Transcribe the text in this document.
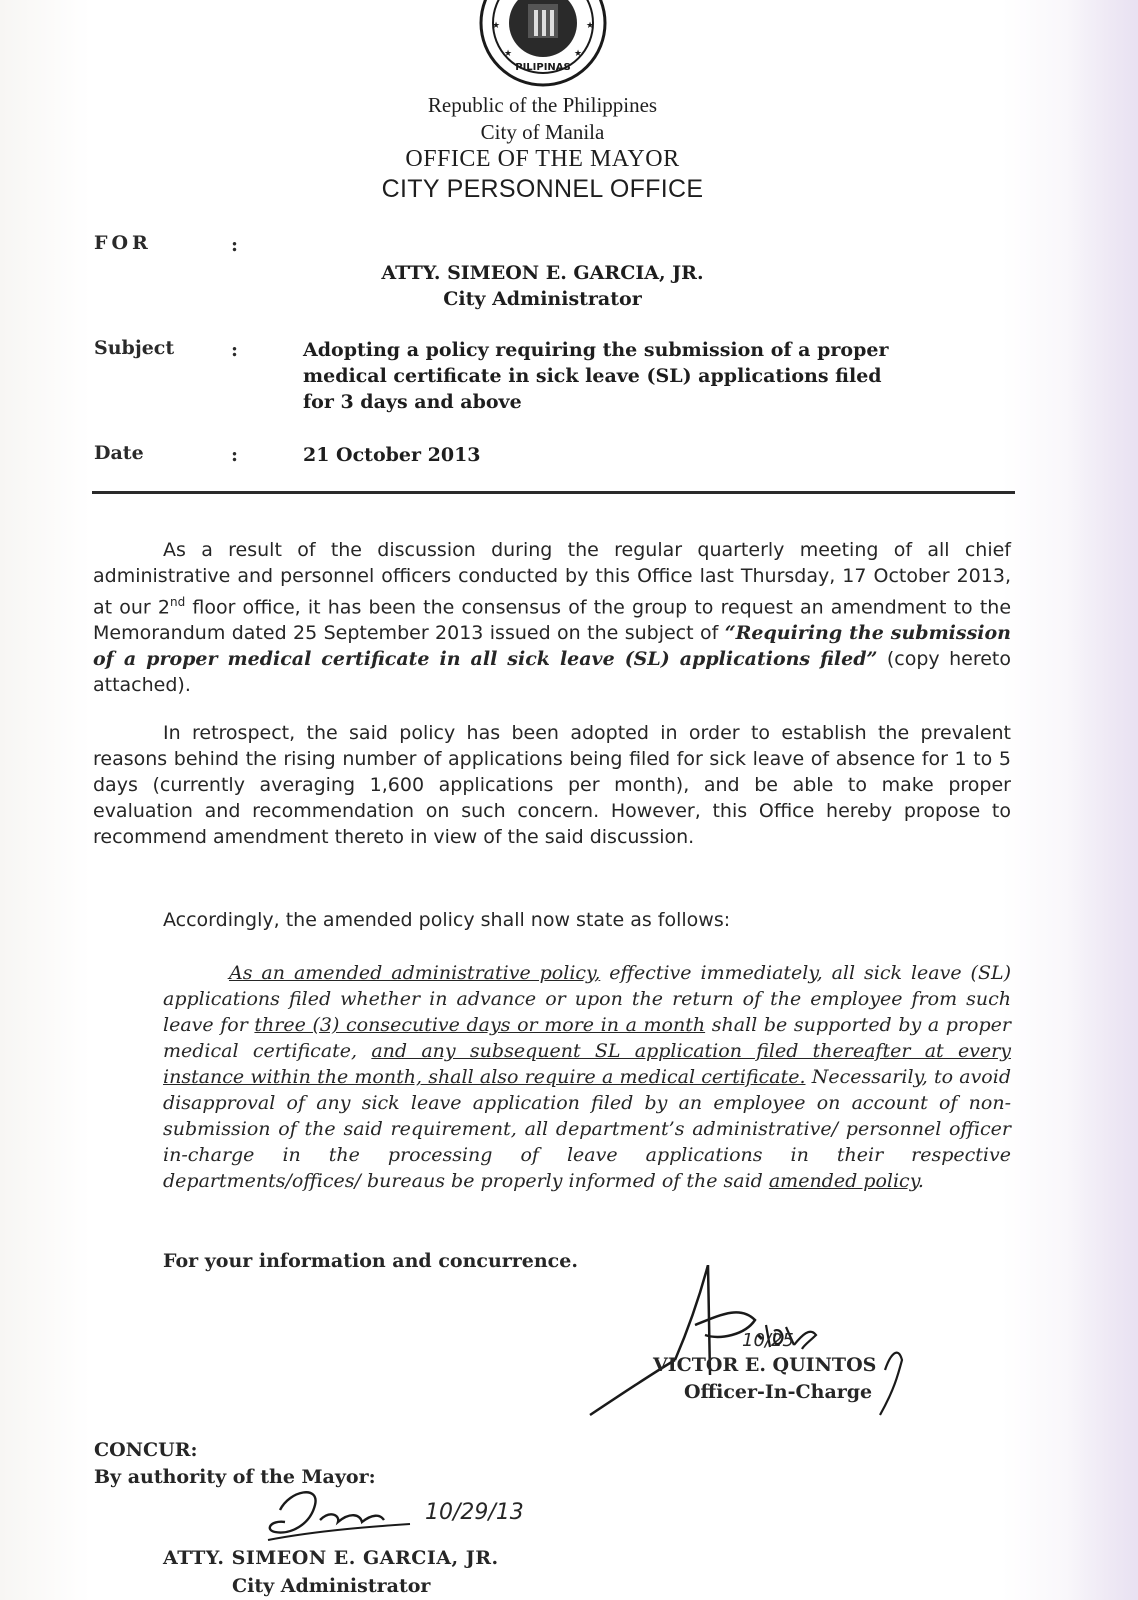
★	★
★	★
PILIPINAS
Republic of the Philippines
City of Manila
OFFICE OF THE MAYOR
CITY PERSONNEL OFFICE
FOR	:
ATTY. SIMEON E. GARCIA, JR.
City Administrator
Subject	:	Adopting a policy requiring the submission of a proper
medical certificate in sick leave (SL) applications filed
for 3 days and above
Date	:	21 October 2013
As a result of the discussion during the regular quarterly meeting of all chief administrative and personnel officers conducted by this Office last Thursday, 17 October 2013, at our 2nd floor office, it has been the consensus of the group to request an amendment to the Memorandum dated 25 September 2013 issued on the subject of “Requiring the submission of a proper medical certificate in all sick leave (SL) applications filed” (copy hereto attached).
In retrospect, the said policy has been adopted in order to establish the prevalent reasons behind the rising number of applications being filed for sick leave of absence for 1 to 5 days (currently averaging 1,600 applications per month), and be able to make proper evaluation and recommendation on such concern. However, this Office hereby propose to recommend amendment thereto in view of the said discussion.
Accordingly, the amended policy shall now state as follows:
As an amended administrative policy, effective immediately, all sick leave (SL) applications filed whether in advance or upon the return of the employee from such leave for three (3) consecutive days or more in a month shall be supported by a proper medical certificate, and any subsequent SL application filed thereafter at every instance within the month, shall also require a medical certificate. Necessarily, to avoid disapproval of any sick leave application filed by an employee on account of non-submission of the said requirement, all department’s administrative/ personnel officer in-charge in the processing of leave applications in their respective departments/offices/ bureaus be properly informed of the said amended policy.
For your information and concurrence.
VICTOR E. QUINTOS
Officer-In-Charge
10/25
CONCUR:
By authority of the Mayor:
10/29/13
ATTY. SIMEON E. GARCIA, JR.
City Administrator
